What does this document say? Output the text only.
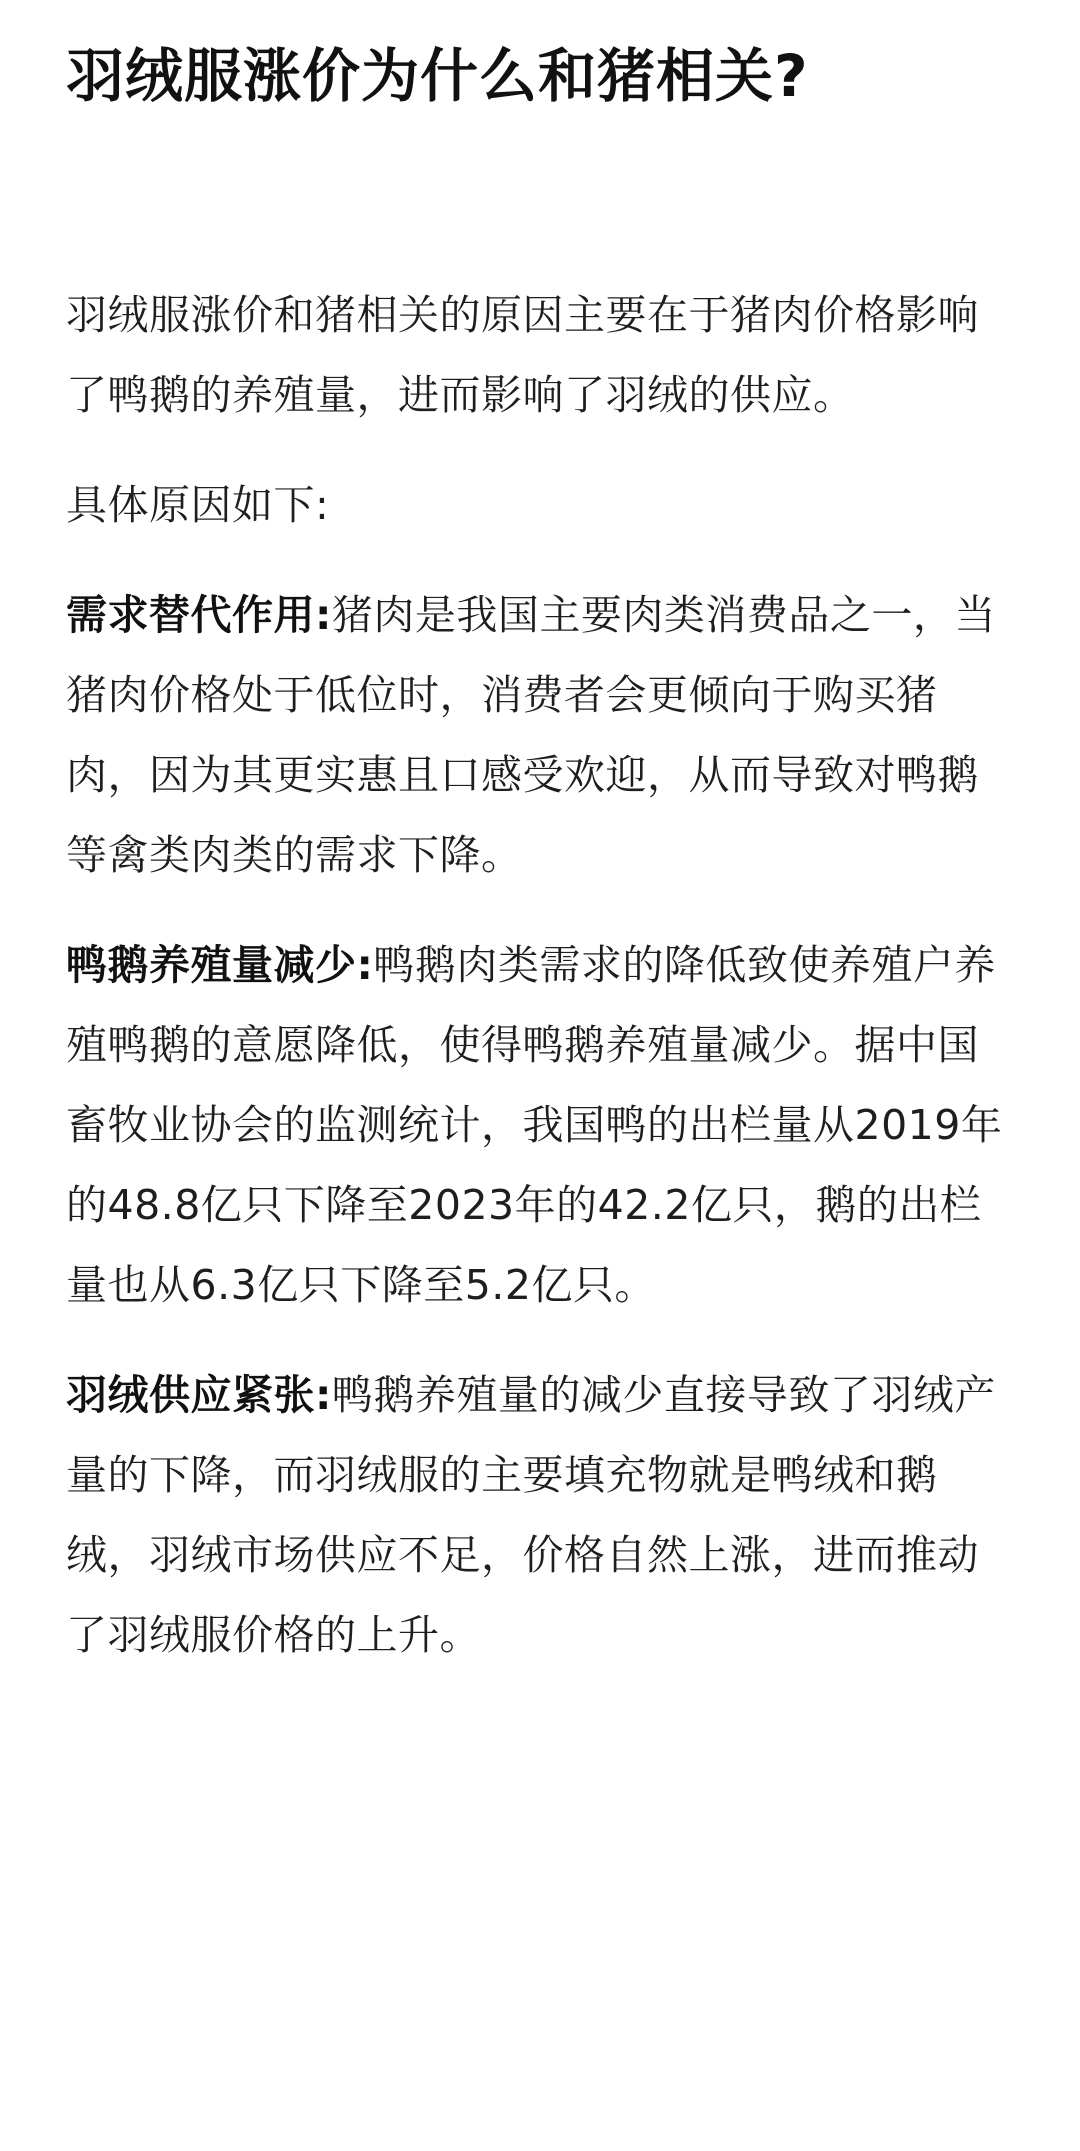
羽绒服涨价为什么和猪相关?

羽绒服涨价和猪相关的原因主要在于猪肉价格影响了鸭鹅的养殖量，进而影响了羽绒的供应。

具体原因如下:

需求替代作用:猪肉是我国主要肉类消费品之一，当猪肉价格处于低位时，消费者会更倾向于购买猪肉，因为其更实惠且口感受欢迎，从而导致对鸭鹅等禽类肉类的需求下降。

鸭鹅养殖量减少:鸭鹅肉类需求的降低致使养殖户养殖鸭鹅的意愿降低，使得鸭鹅养殖量减少。据中国畜牧业协会的监测统计，我国鸭的出栏量从2019年的48.8亿只下降至2023年的42.2亿只，鹅的出栏量也从6.3亿只下降至5.2亿只。

羽绒供应紧张:鸭鹅养殖量的减少直接导致了羽绒产量的下降，而羽绒服的主要填充物就是鸭绒和鹅绒，羽绒市场供应不足，价格自然上涨，进而推动了羽绒服价格的上升。
